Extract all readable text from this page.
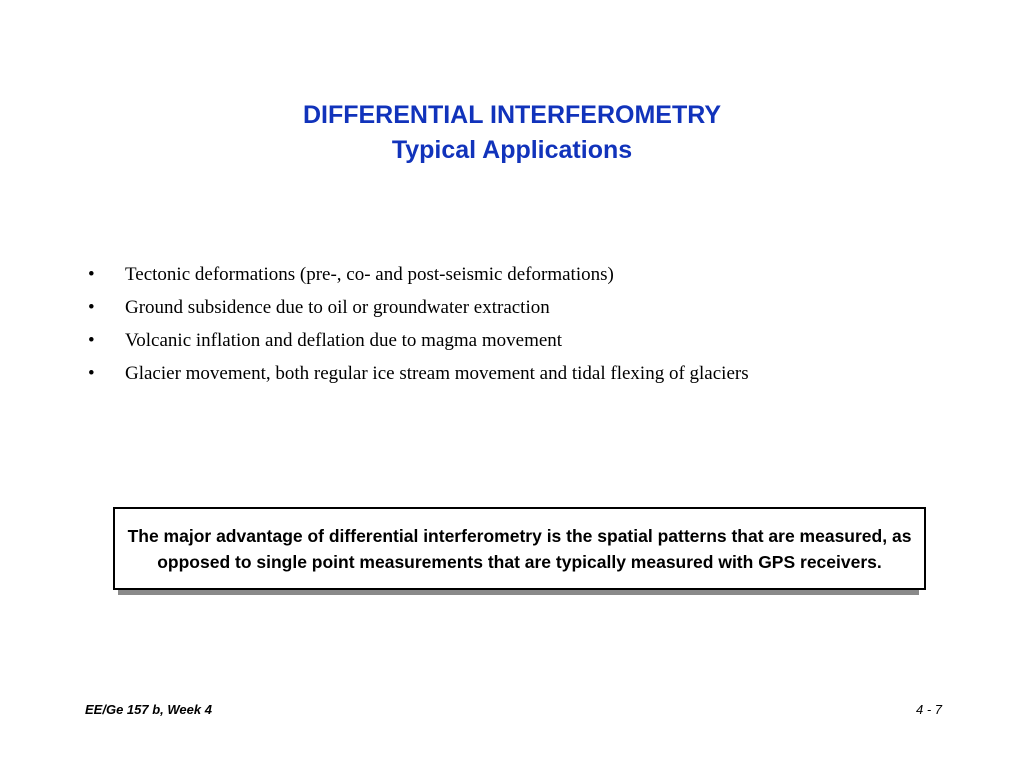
DIFFERENTIAL INTERFEROMETRY
Typical Applications
•	Tectonic deformations (pre-, co- and post-seismic deformations)
•	Ground subsidence due to oil or groundwater extraction
•	Volcanic inflation and deflation due to magma movement
•	Glacier movement, both regular ice stream movement and tidal flexing of glaciers
The major advantage of differential interferometry is the spatial patterns that are measured, as opposed to single point measurements that are typically measured with GPS receivers.
EE/Ge 157 b, Week 4	4 - 7
